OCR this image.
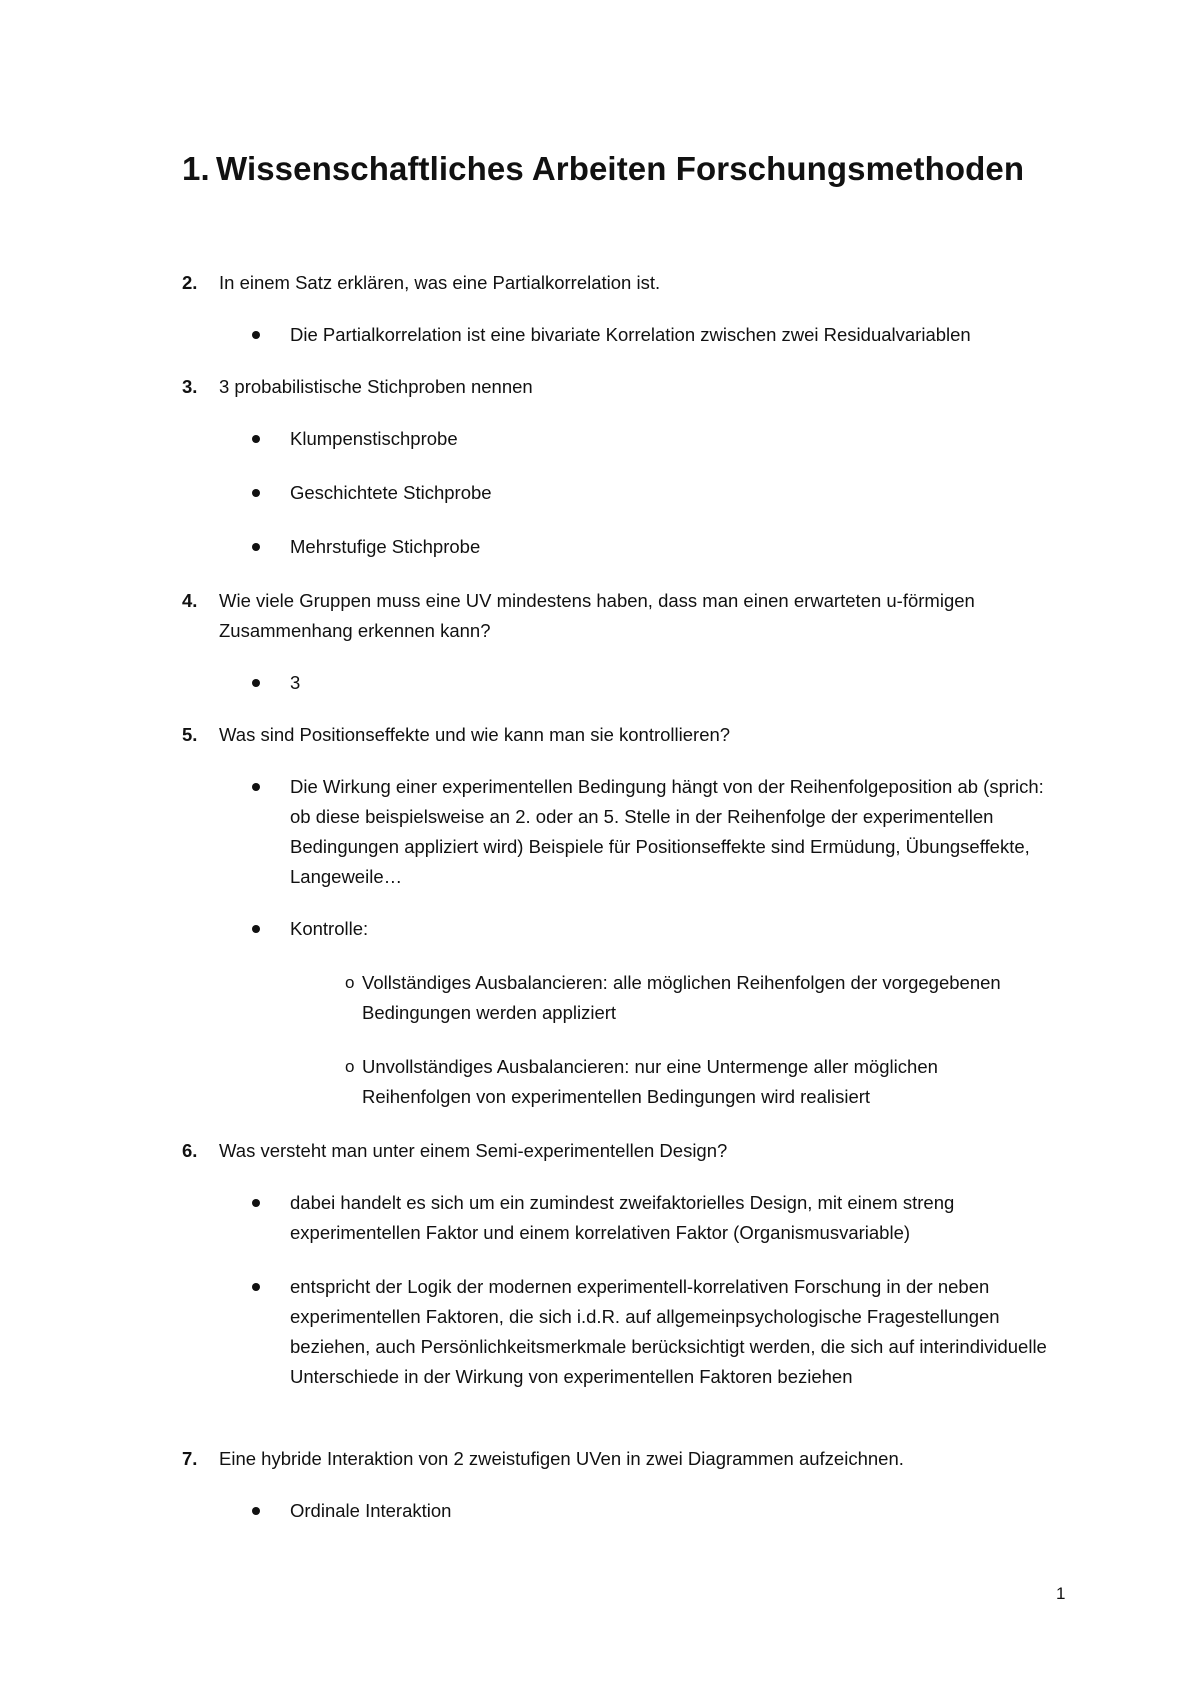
1. Wissenschaftliches Arbeiten Forschungsmethoden
2. In einem Satz erklären, was eine Partialkorrelation ist.
Die Partialkorrelation ist eine bivariate Korrelation zwischen zwei Residualvariablen
3. 3 probabilistische Stichproben nennen
Klumpenstischprobe
Geschichtete Stichprobe
Mehrstufige Stichprobe
4. Wie viele Gruppen muss eine UV mindestens haben, dass man einen erwarteten u-förmigen Zusammenhang erkennen kann?
3
5. Was sind Positionseffekte und wie kann man sie kontrollieren?
Die Wirkung einer experimentellen Bedingung hängt von der Reihenfolgeposition ab (sprich: ob diese beispielsweise an 2. oder an 5. Stelle in der Reihenfolge der experimentellen Bedingungen appliziert wird) Beispiele für Positionseffekte sind Ermüdung, Übungseffekte, Langeweile…
Kontrolle:
o Vollständiges Ausbalancieren: alle möglichen Reihenfolgen der vorgegebenen Bedingungen werden appliziert
o Unvollständiges Ausbalancieren: nur eine Untermenge aller möglichen Reihenfolgen von experimentellen Bedingungen wird realisiert
6. Was versteht man unter einem Semi-experimentellen Design?
dabei handelt es sich um ein zumindest zweifaktorielles Design, mit einem streng experimentellen Faktor und einem korrelativen Faktor (Organismusvariable)
entspricht der Logik der modernen experimentell-korrelativen Forschung in der neben experimentellen Faktoren, die sich i.d.R. auf allgemeinpsychologische Fragestellungen beziehen, auch Persönlichkeitsmerkmale berücksichtigt werden, die sich auf interindividuelle Unterschiede in der Wirkung von experimentellen Faktoren beziehen
7. Eine hybride Interaktion von 2 zweistufigen UVen in zwei Diagrammen aufzeichnen.
Ordinale Interaktion
1
